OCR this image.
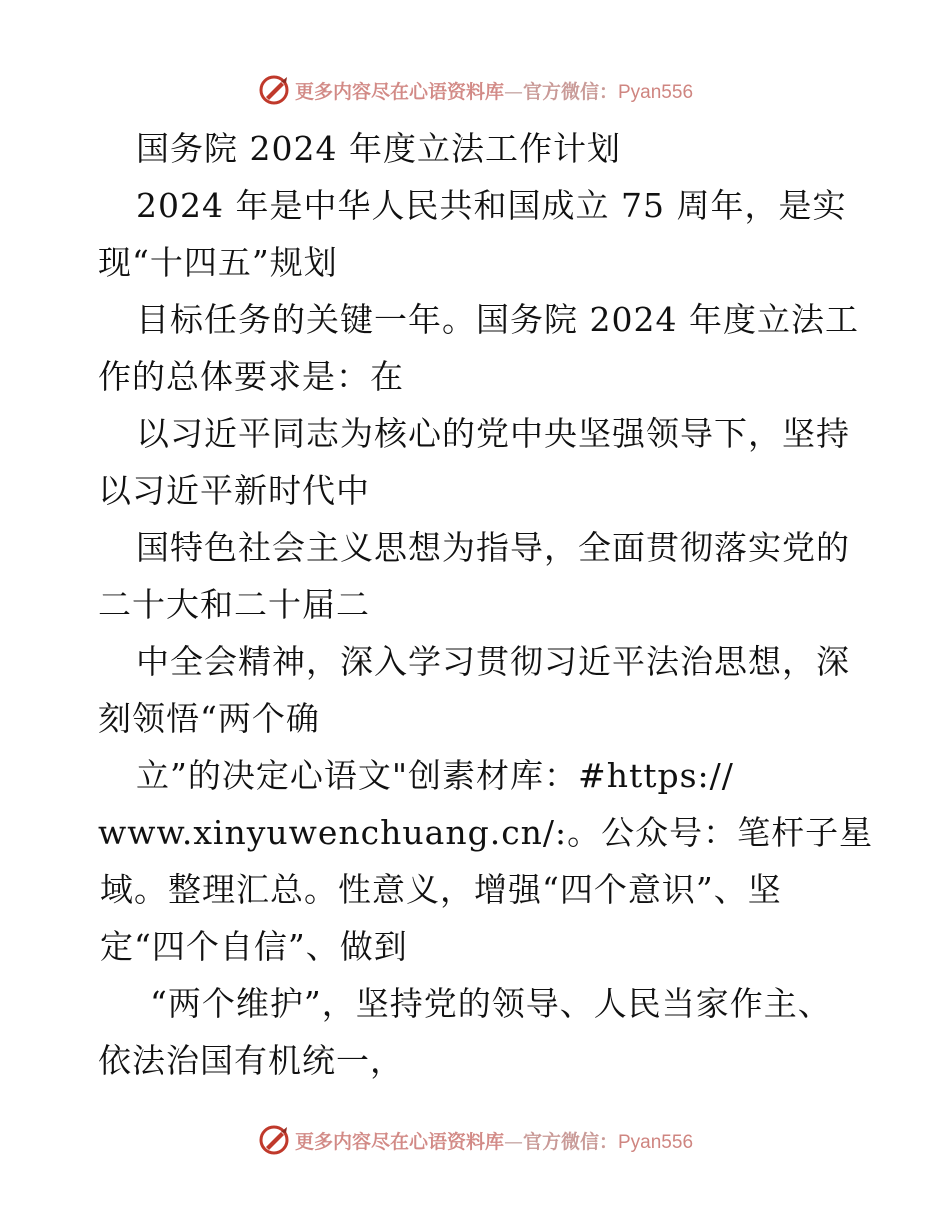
更多内容尽在心语资料库—官方微信：Pyan556
国务院 2024 年度立法工作计划
2024 年是中华人民共和国成立 75 周年，是实
现“十四五”规划
目标任务的关键一年。国务院 2024 年度立法工
作的总体要求是：在
以习近平同志为核心的党中央坚强领导下，坚持
以习近平新时代中
国特色社会主义思想为指导，全面贯彻落实党的
二十大和二十届二
中全会精神，深入学习贯彻习近平法治思想，深
刻领悟“两个确
立”的决定心语文"创素材库：#https://
www.xinyuwenchuang.cn/:。公众号：笔杆子星
域。整理汇总。性意义，增强“四个意识”、坚
定“四个自信”、做到
“两个维护”，坚持党的领导、人民当家作主、
依法治国有机统一，
更多内容尽在心语资料库—官方微信：Pyan556
